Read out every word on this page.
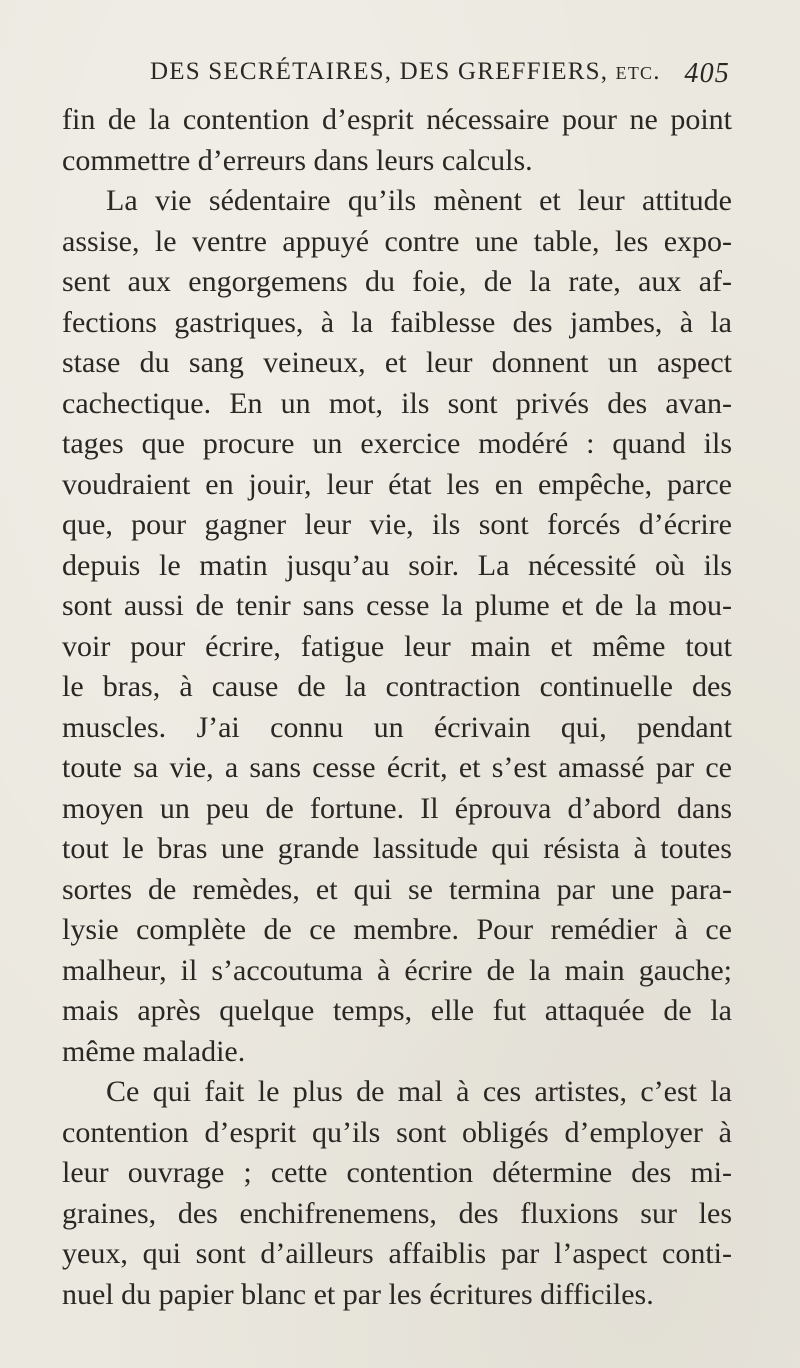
DES SECRÉTAIRES, DES GREFFIERS, etc. 405
fin de la contention d’esprit nécessaire pour ne point
commettre d’erreurs dans leurs calculs.
La vie sédentaire qu’ils mènent et leur attitude
assise, le ventre appuyé contre une table, les expo-
sent aux engorgemens du foie, de la rate, aux af-
fections gastriques, à la faiblesse des jambes, à la
stase du sang veineux, et leur donnent un aspect
cachectique. En un mot, ils sont privés des avan-
tages que procure un exercice modéré : quand ils
voudraient en jouir, leur état les en empêche, parce
que, pour gagner leur vie, ils sont forcés d’écrire
depuis le matin jusqu’au soir. La nécessité où ils
sont aussi de tenir sans cesse la plume et de la mou-
voir pour écrire, fatigue leur main et même tout
le bras, à cause de la contraction continuelle des
muscles. J’ai connu un écrivain qui, pendant
toute sa vie, a sans cesse écrit, et s’est amassé par ce
moyen un peu de fortune. Il éprouva d’abord dans
tout le bras une grande lassitude qui résista à toutes
sortes de remèdes, et qui se termina par une para-
lysie complète de ce membre. Pour remédier à ce
malheur, il s’accoutuma à écrire de la main gauche;
mais après quelque temps, elle fut attaquée de la
même maladie.
Ce qui fait le plus de mal à ces artistes, c’est la
contention d’esprit qu’ils sont obligés d’employer à
leur ouvrage ; cette contention détermine des mi-
graines, des enchifrenemens, des fluxions sur les
yeux, qui sont d’ailleurs affaiblis par l’aspect conti-
nuel du papier blanc et par les écritures difficiles.
